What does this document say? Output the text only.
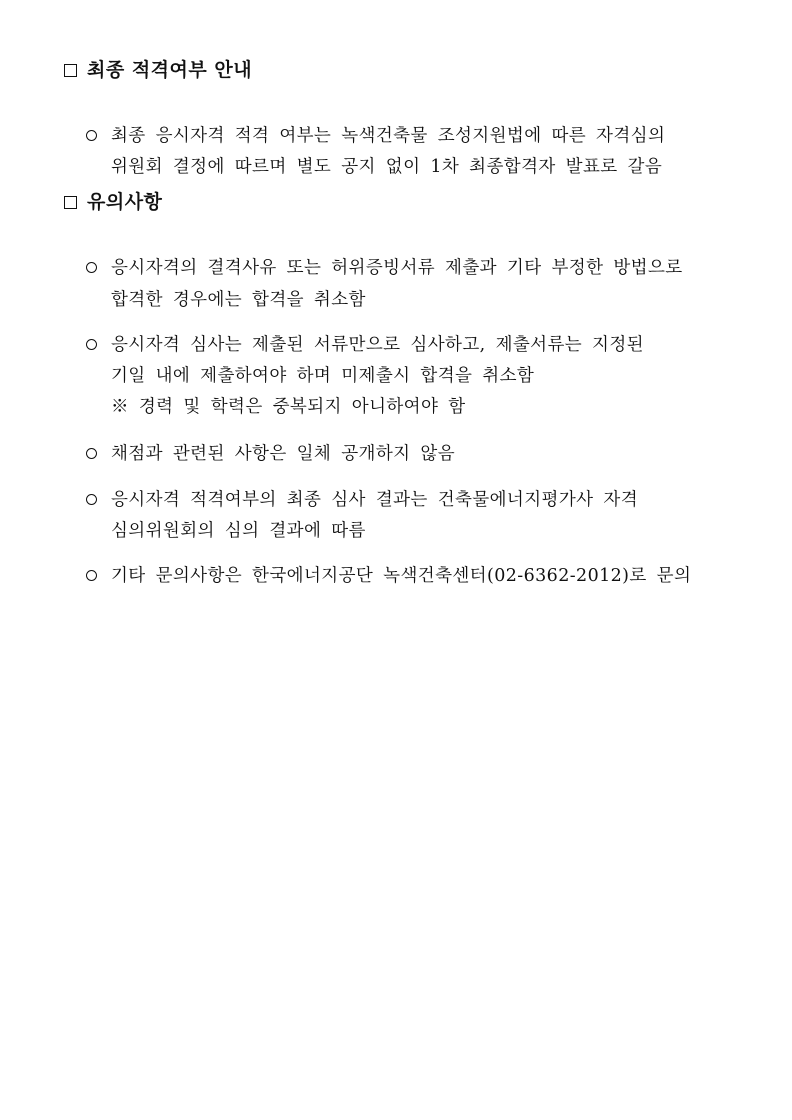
최종 적격여부 안내
최종 응시자격 적격 여부는 녹색건축물 조성지원법에 따른 자격심의
위원회 결정에 따르며 별도 공지 없이 1차 최종합격자 발표로 갈음
유의사항
응시자격의 결격사유 또는 허위증빙서류 제출과 기타 부정한 방법으로
합격한 경우에는 합격을 취소함
응시자격 심사는 제출된 서류만으로 심사하고, 제출서류는 지정된
기일 내에 제출하여야 하며 미제출시 합격을 취소함
※ 경력 및 학력은 중복되지 아니하여야 함
채점과 관련된 사항은 일체 공개하지 않음
응시자격 적격여부의 최종 심사 결과는 건축물에너지평가사 자격
심의위원회의 심의 결과에 따름
기타 문의사항은 한국에너지공단 녹색건축센터(02-6362-2012)로 문의
